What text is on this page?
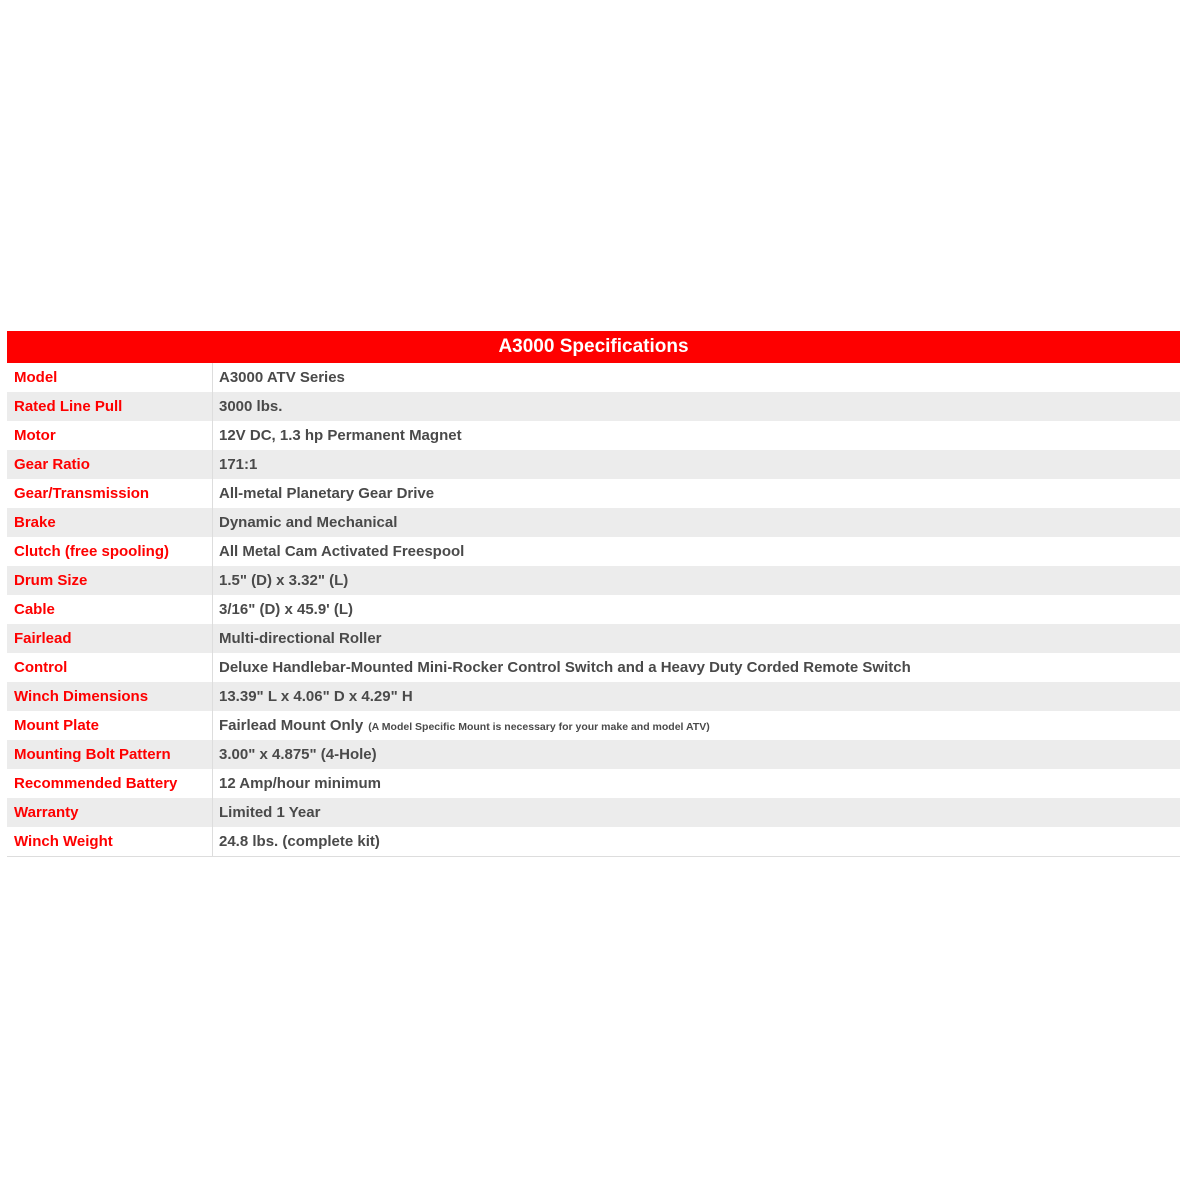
A3000 Specifications
Model	A3000 ATV Series
Rated Line Pull	3000 lbs.
Motor	12V DC, 1.3 hp Permanent Magnet
Gear Ratio	171:1
Gear/Transmission	All-metal Planetary Gear Drive
Brake	Dynamic and Mechanical
Clutch (free spooling)	All Metal Cam Activated Freespool
Drum Size	1.5" (D) x 3.32" (L)
Cable	3/16" (D) x 45.9' (L)
Fairlead	Multi-directional Roller
Control	Deluxe Handlebar-Mounted Mini-Rocker Control Switch and a Heavy Duty Corded Remote Switch
Winch Dimensions	13.39" L x 4.06" D x 4.29" H
Mount Plate	Fairlead Mount Only (A Model Specific Mount is necessary for your make and model ATV)
Mounting Bolt Pattern	3.00" x 4.875" (4-Hole)
Recommended Battery	12 Amp/hour minimum
Warranty	Limited 1 Year
Winch Weight	24.8 lbs. (complete kit)
